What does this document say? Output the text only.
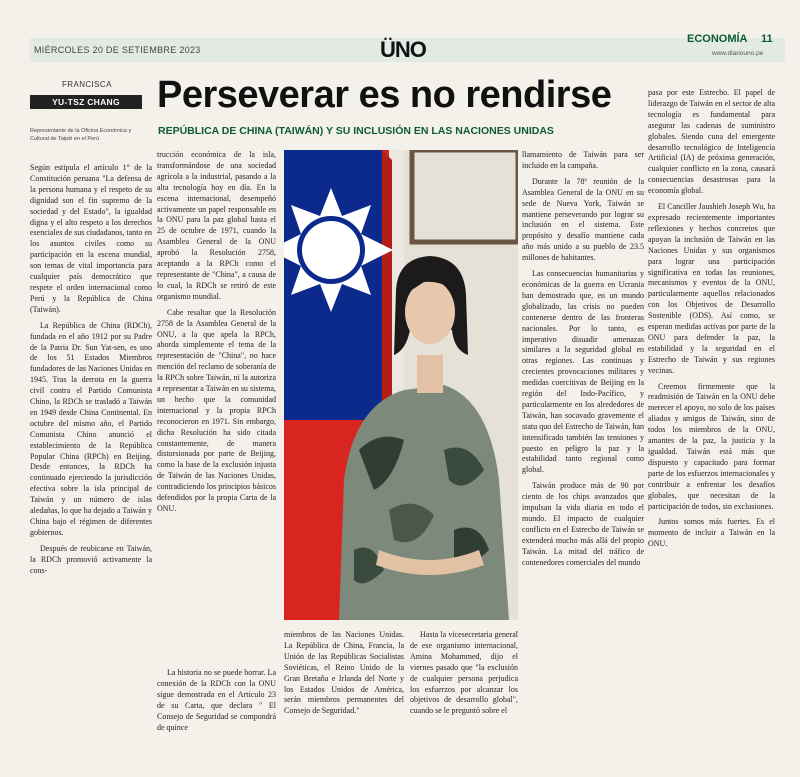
MIÉRCOLES 20 DE SETIEMBRE 2023	ÜNO	ECONOMÍA 11
www.diariouno.pe
FRANCISCA
YU-TSZ CHANG
Representante de la Oficina Económica y Cultural de Taipéi en el Perú
Perseverar es no rendirse
REPÚBLICA DE CHINA (TAIWÁN) Y SU INCLUSIÓN EN LAS NACIONES UNIDAS

Según estipula el artículo 1° de la Constitución peruana "La defensa de la persona humana y el respeto de su dignidad son el fin supremo de la sociedad y del Estado", la igualdad digna y el alto respeto a los derechos esenciales de sus ciudadanos, tanto en los asuntos civiles como su participación en la escena mundial, son temas de vital importancia para cualquier país democrático que respete el orden internacional como Perú y la República de China (Taiwán).

La República de China (RDCh), fundada en el año 1912 por su Padre de la Patria Dr. Sun Yat-sen, es uno de los 51 Estados Miembros fundadores de las Naciones Unidas en 1945. Tras la derrota en la guerra civil contra el Partido Comunista Chino, la RDCh se trasladó a Taiwán en 1949 desde China Continental. En octubre del mismo año, el Partido Comunista Chino anunció el establecimiento de la República Popular China (RPCh) en Beijing. Desde entonces, la RDCh ha continuado ejerciendo la jurisdicción efectiva sobre la isla principal de Taiwán y un número de islas aledañas, lo que ha dejado a Taiwán y China bajo el régimen de diferentes gobiernos.

Después de reubicarse en Taiwán, la RDCh promovió activamente la cons-

trucción económica de la isla, transformándose de una sociedad agrícola a la industrial, pasando a la alta tecnología hoy en día. En la escena internacional, desempeñó activamente un papel responsable en la ONU para la paz global hasta el 25 de octubre de 1971, cuando la Asamblea General de la ONU aprobó la Resolución 2758, aceptando a la RPCh como el representante de "China", a causa de lo cual, la RDCh se retiró de este organismo mundial.

Cabe resaltar que la Resolución 2758 de la Asamblea General de la ONU, a la que apela la RPCh, aborda simplemente el tema de la representación de "China", no hace mención del reclamo de soberanía de la RPCh sobre Taiwán, ni la autoriza a representar a Taiwán en su sistema, un hecho que la comunidad internacional y la propia RPCh reconocieron en 1971. Sin embargo, dicha Resolución ha sido citada constantemente, de manera distorsionada por parte de Beijing, como la base de la exclusión injusta de Taiwán de las Naciones Unidas, contradiciendo los principios básicos defendidos por la propia Carta de la ONU.

La historia no se puede borrar. La conexión de la RDCh con la ONU sigue demostrada en el Artículo 23 de su Carta, que declara " El Consejo de Seguridad se compondrá de quince

miembros de las Naciones Unidas. La República de China, Francia, la Unión de las Repúblicas Socialistas Soviéticas, el Reino Unido de la Gran Bretaña e Irlanda del Norte y los Estados Unidos de América, serán miembros permanentes del Consejo de Seguridad."

Hasta la vicesecretaria general de ese organismo internacional, Amina Mohammed, dijo el viernes pasado que "la exclusión de cualquier persona perjudica los esfuerzos por alcanzar los objetivos de desarrollo global", cuando se le preguntó sobre el

llamamiento de Taiwán para ser incluido en la campaña.

Durante la 78ª reunión de la Asamblea General de la ONU en su sede de Nueva York, Taiwán se mantiene perseverando por lograr su inclusión en el sistema. Este propósito y desafío mantiene cada año más unido a su pueblo de 23.5 millones de habitantes.

Las consecuencias humanitarias y económicas de la guerra en Ucrania han demostrado que, en un mundo globalizado, las crisis no pueden contenerse dentro de las fronteras nacionales. Por lo tanto, es imperativo disuadir amenazas similares a la seguridad global en otras regiones. Las continuas y crecientes provocaciones militares y medidas coercitivas de Beijing en la región del Indo-Pacífico, y particularmente en los alrededores de Taiwán, han socavado gravemente el statu quo del Estrecho de Taiwán, han intensificado también las tensiones y puesto en peligro la paz y la estabilidad tanto regional como global.

Taiwán produce más de 90 por ciento de los chips avanzados que impulsan la vida diaria en todo el mundo. El impacto de cualquier conflicto en el Estrecho de Taiwán se extenderá mucho más allá del propio Taiwán. La mitad del tráfico de contenedores comerciales del mundo

pasa por este Estrecho. El papel de liderazgo de Taiwán en el sector de alta tecnología es fundamental para asegurar las cadenas de suministro globales. Siendo cuna del emergente desarrollo tecnológico de Inteligencia Artificial (IA) de próxima generación, cualquier conflicto en la zona, causará consecuencias desastrosas para la economía global.

El Canciller Jaushieh Joseph Wu, ha expresado recientemente importantes reflexiones y hechos concretos que apoyan la inclusión de Taiwán en las Naciones Unidas y sus organismos para lograr una participación significativa en todas las reuniones, mecanismos y eventos de la ONU, particularmente aquellos relacionados con los Objetivos de Desarrollo Sostenible (ODS). Así como, se esperan medidas activas por parte de la ONU para defender la paz, la estabilidad y la seguridad en el Estrecho de Taiwán y sus regiones vecinas.

Creemos firmemente que la readmisión de Taiwán en la ONU debe merecer el apoyo, no solo de los países aliados y amigos de Taiwán, sino de todos los miembros de la ONU, amantes de la paz, la justicia y la igualdad. Taiwán está más que dispuesto y capacitado para formar parte de los esfuerzos internacionales y contribuir a enfrentar los desafíos globales, que necesitan de la participación de todos, sin exclusiones.

Juntos somos más fuertes. Es el momento de incluir a Taiwán en la ONU.
